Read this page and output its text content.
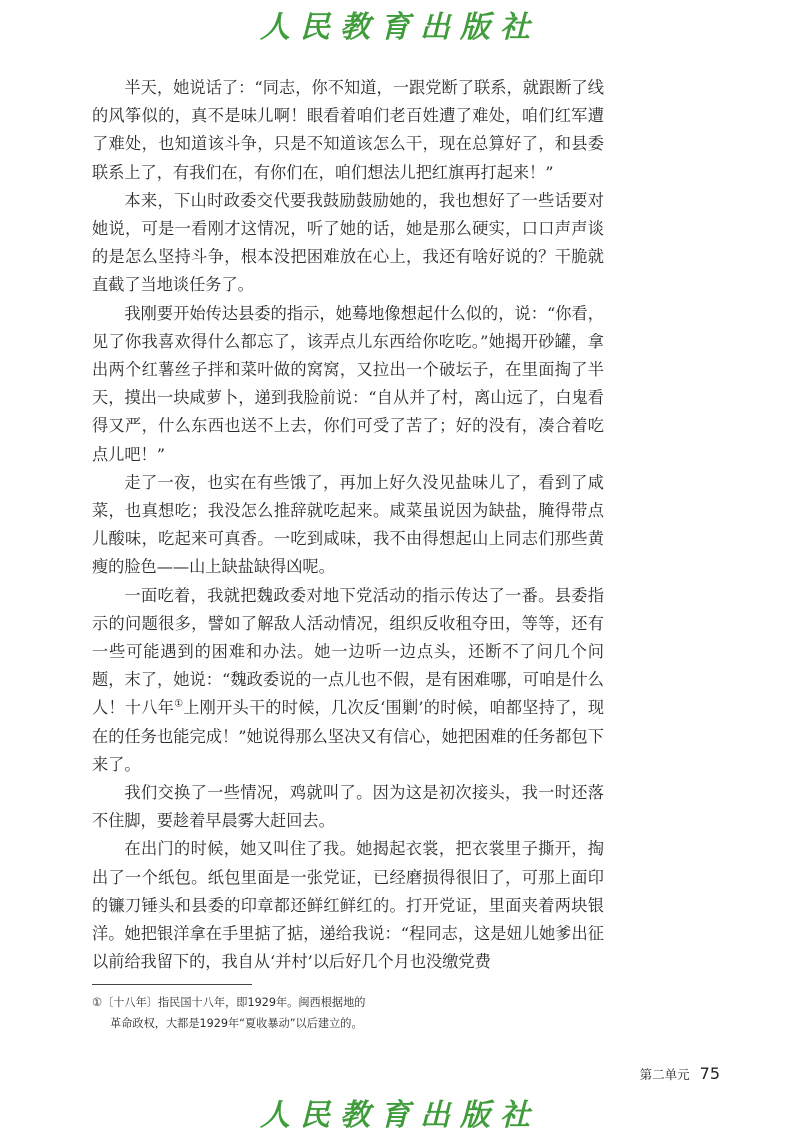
人民教育出版社

半天，她说话了：“同志，你不知道，一跟党断了联系，就跟断了线的风筝似的，真不是味儿啊！眼看着咱们老百姓遭了难处，咱们红军遭了难处，也知道该斗争，只是不知道该怎么干，现在总算好了，和县委联系上了，有我们在，有你们在，咱们想法儿把红旗再打起来！”

本来，下山时政委交代要我鼓励鼓励她的，我也想好了一些话要对她说，可是一看刚才这情况，听了她的话，她是那么硬实，口口声声谈的是怎么坚持斗争，根本没把困难放在心上，我还有啥好说的？干脆就直截了当地谈任务了。

我刚要开始传达县委的指示，她蓦地像想起什么似的，说：“你看，见了你我喜欢得什么都忘了，该弄点儿东西给你吃吃。”她揭开砂罐，拿出两个红薯丝子拌和菜叶做的窝窝，又拉出一个破坛子，在里面掏了半天，摸出一块咸萝卜，递到我脸前说：“自从并了村，离山远了，白鬼看得又严，什么东西也送不上去，你们可受了苦了；好的没有，凑合着吃点儿吧！”

走了一夜，也实在有些饿了，再加上好久没见盐味儿了，看到了咸菜，也真想吃；我没怎么推辞就吃起来。咸菜虽说因为缺盐，腌得带点儿酸味，吃起来可真香。一吃到咸味，我不由得想起山上同志们那些黄瘦的脸色——山上缺盐缺得凶呢。

一面吃着，我就把魏政委对地下党活动的指示传达了一番。县委指示的问题很多，譬如了解敌人活动情况，组织反收租夺田，等等，还有一些可能遇到的困难和办法。她一边听一边点头，还断不了问几个问题，末了，她说：“魏政委说的一点儿也不假，是有困难哪，可咱是什么人！十八年①上刚开头干的时候，几次反‘围剿’的时候，咱都坚持了，现在的任务也能完成！”她说得那么坚决又有信心，她把困难的任务都包下来了。

我们交换了一些情况，鸡就叫了。因为这是初次接头，我一时还落不住脚，要趁着早晨雾大赶回去。

在出门的时候，她又叫住了我。她揭起衣裳，把衣裳里子撕开，掏出了一个纸包。纸包里面是一张党证，已经磨损得很旧了，可那上面印的镰刀锤头和县委的印章都还鲜红鲜红的。打开党证，里面夹着两块银洋。她把银洋拿在手里掂了掂，递给我说：“程同志，这是妞儿她爹出征以前给我留下的，我自从‘并村’以后好几个月也没缴党费

①〔十八年〕指民国十八年，即1929年。闽西根据地的
革命政权，大都是1929年“夏收暴动”以后建立的。
第二单元 75
人民教育出版社
